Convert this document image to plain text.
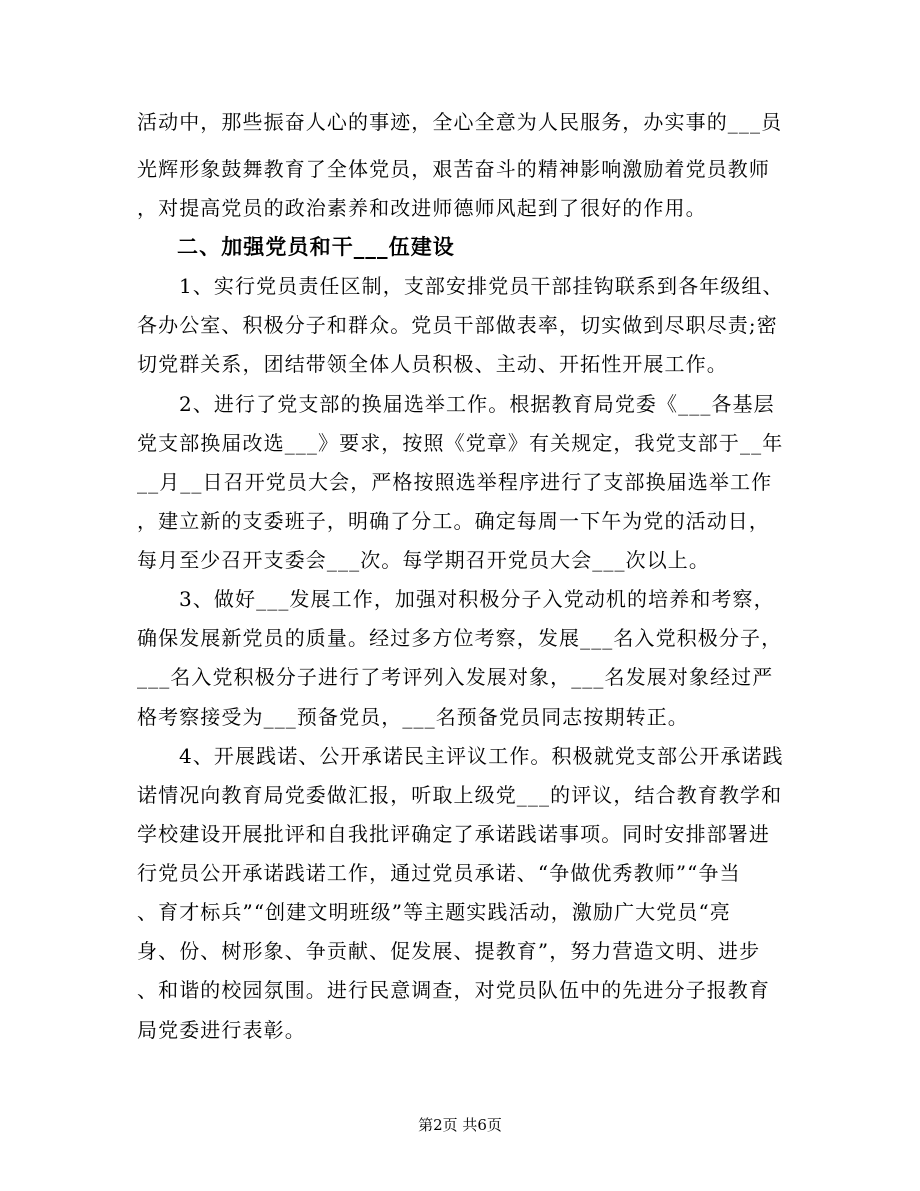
活动中，那些振奋人心的事迹，全心全意为人民服务，办实事的___员
光辉形象鼓舞教育了全体党员，艰苦奋斗的精神影响激励着党员教师
，对提高党员的政治素养和改进师德师风起到了很好的作用。
二、加强党员和干___伍建设
1、实行党员责任区制，支部安排党员干部挂钩联系到各年级组、
各办公室、积极分子和群众。党员干部做表率，切实做到尽职尽责;密
切党群关系，团结带领全体人员积极、主动、开拓性开展工作。
2、进行了党支部的换届选举工作。根据教育局党委《___各基层
党支部换届改选___》要求，按照《党章》有关规定，我党支部于__年
__月__日召开党员大会，严格按照选举程序进行了支部换届选举工作
，建立新的支委班子，明确了分工。确定每周一下午为党的活动日，
每月至少召开支委会___次。每学期召开党员大会___次以上。
3、做好___发展工作，加强对积极分子入党动机的培养和考察，
确保发展新党员的质量。经过多方位考察，发展___名入党积极分子，
___名入党积极分子进行了考评列入发展对象，___名发展对象经过严
格考察接受为___预备党员，___名预备党员同志按期转正。
4、开展践诺、公开承诺民主评议工作。积极就党支部公开承诺践
诺情况向教育局党委做汇报，听取上级党___的评议，结合教育教学和
学校建设开展批评和自我批评确定了承诺践诺事项。同时安排部署进
行党员公开承诺践诺工作，通过党员承诺、“争做优秀教师”“争当
、育才标兵”“创建文明班级”等主题实践活动，激励广大党员“亮
身、份、树形象、争贡献、促发展、提教育”，努力营造文明、进步
、和谐的校园氛围。进行民意调查，对党员队伍中的先进分子报教育
局党委进行表彰。
第2页 共6页
